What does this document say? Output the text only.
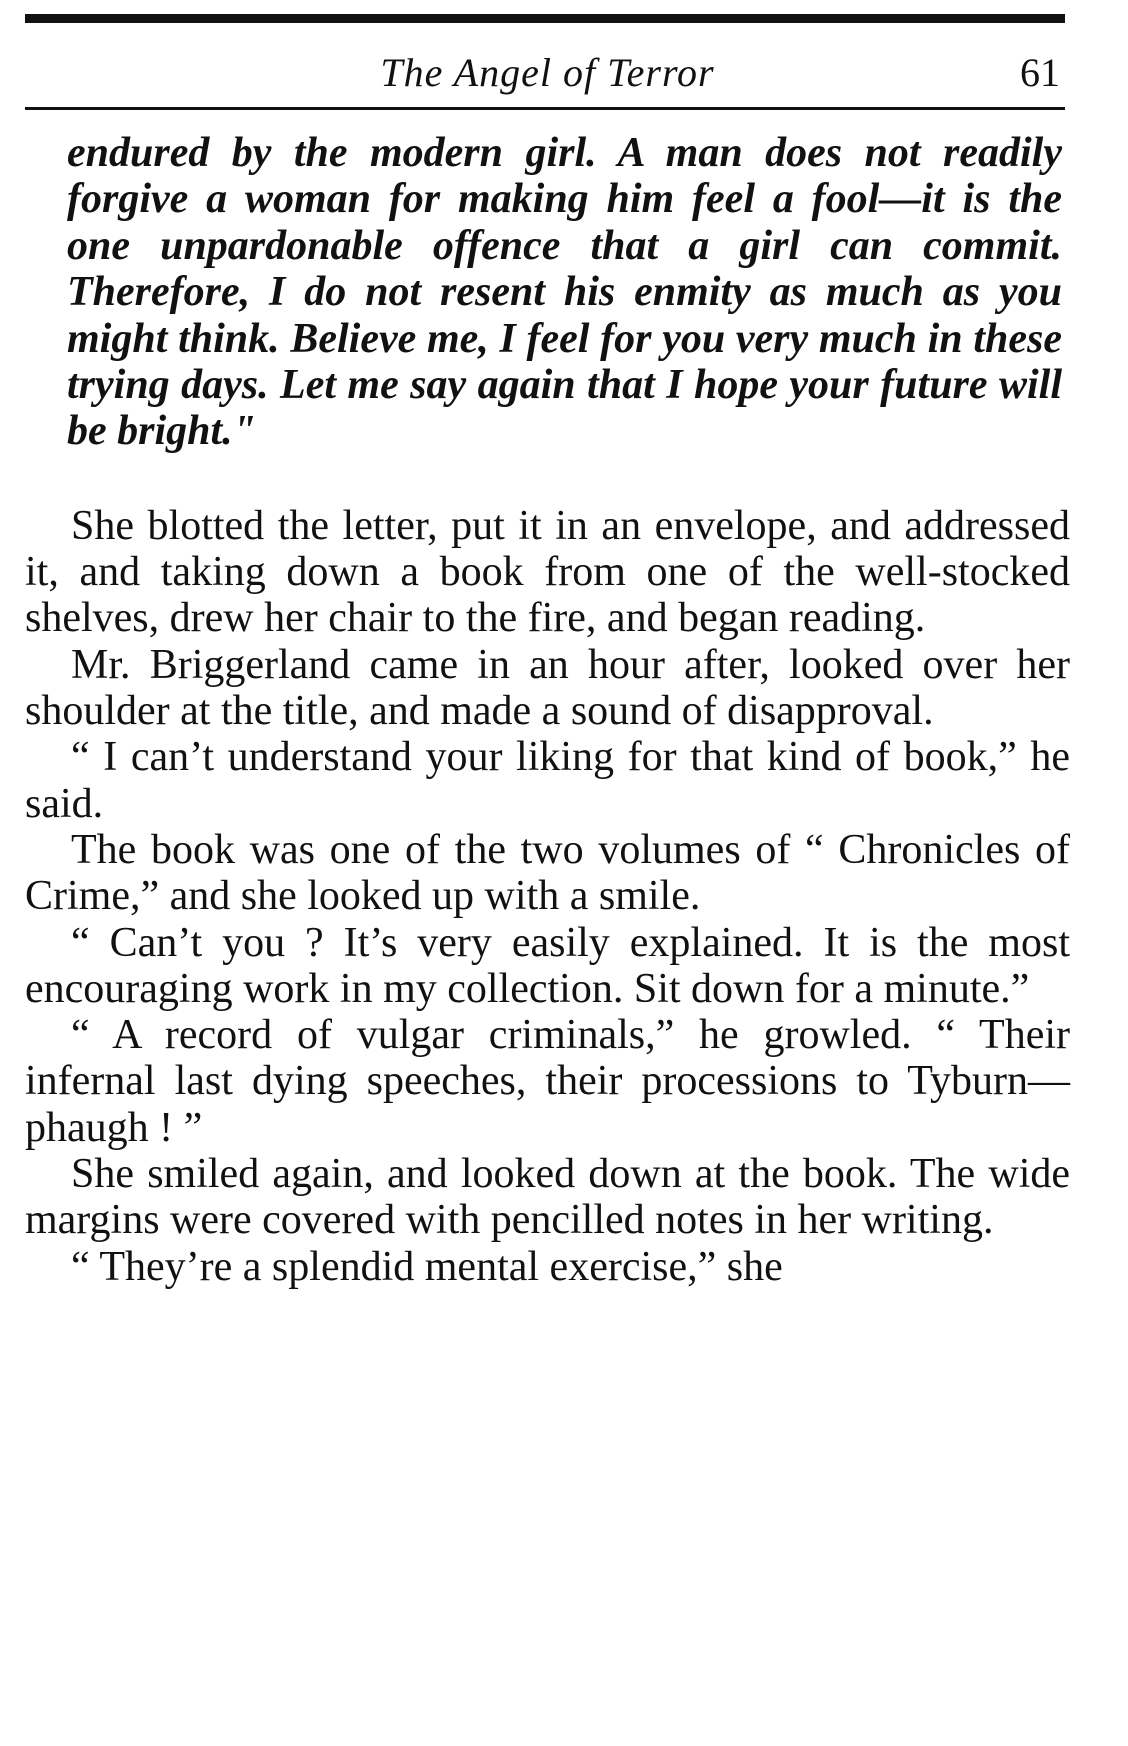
The Angel of Terror	61
endured by the modern girl. A man does not readily forgive a woman for making him feel a fool—it is the one unpardonable offence that a girl can commit. Therefore, I do not resent his enmity as much as you might think. Believe me, I feel for you very much in these trying days. Let me say again that I hope your future will be bright."

She blotted the letter, put it in an envelope, and addressed it, and taking down a book from one of the well-stocked shelves, drew her chair to the fire, and began reading.

Mr. Briggerland came in an hour after, looked over her shoulder at the title, and made a sound of disapproval.

“ I can’t understand your liking for that kind of book,” he said.

The book was one of the two volumes of “ Chronicles of Crime,” and she looked up with a smile.

“ Can’t you ? It’s very easily explained. It is the most encouraging work in my collection. Sit down for a minute.”

“ A record of vulgar criminals,” he growled. “ Their infernal last dying speeches, their processions to Tyburn—phaugh ! ”

She smiled again, and looked down at the book. The wide margins were covered with pencilled notes in her writing.

“ They’re a splendid mental exercise,” she
